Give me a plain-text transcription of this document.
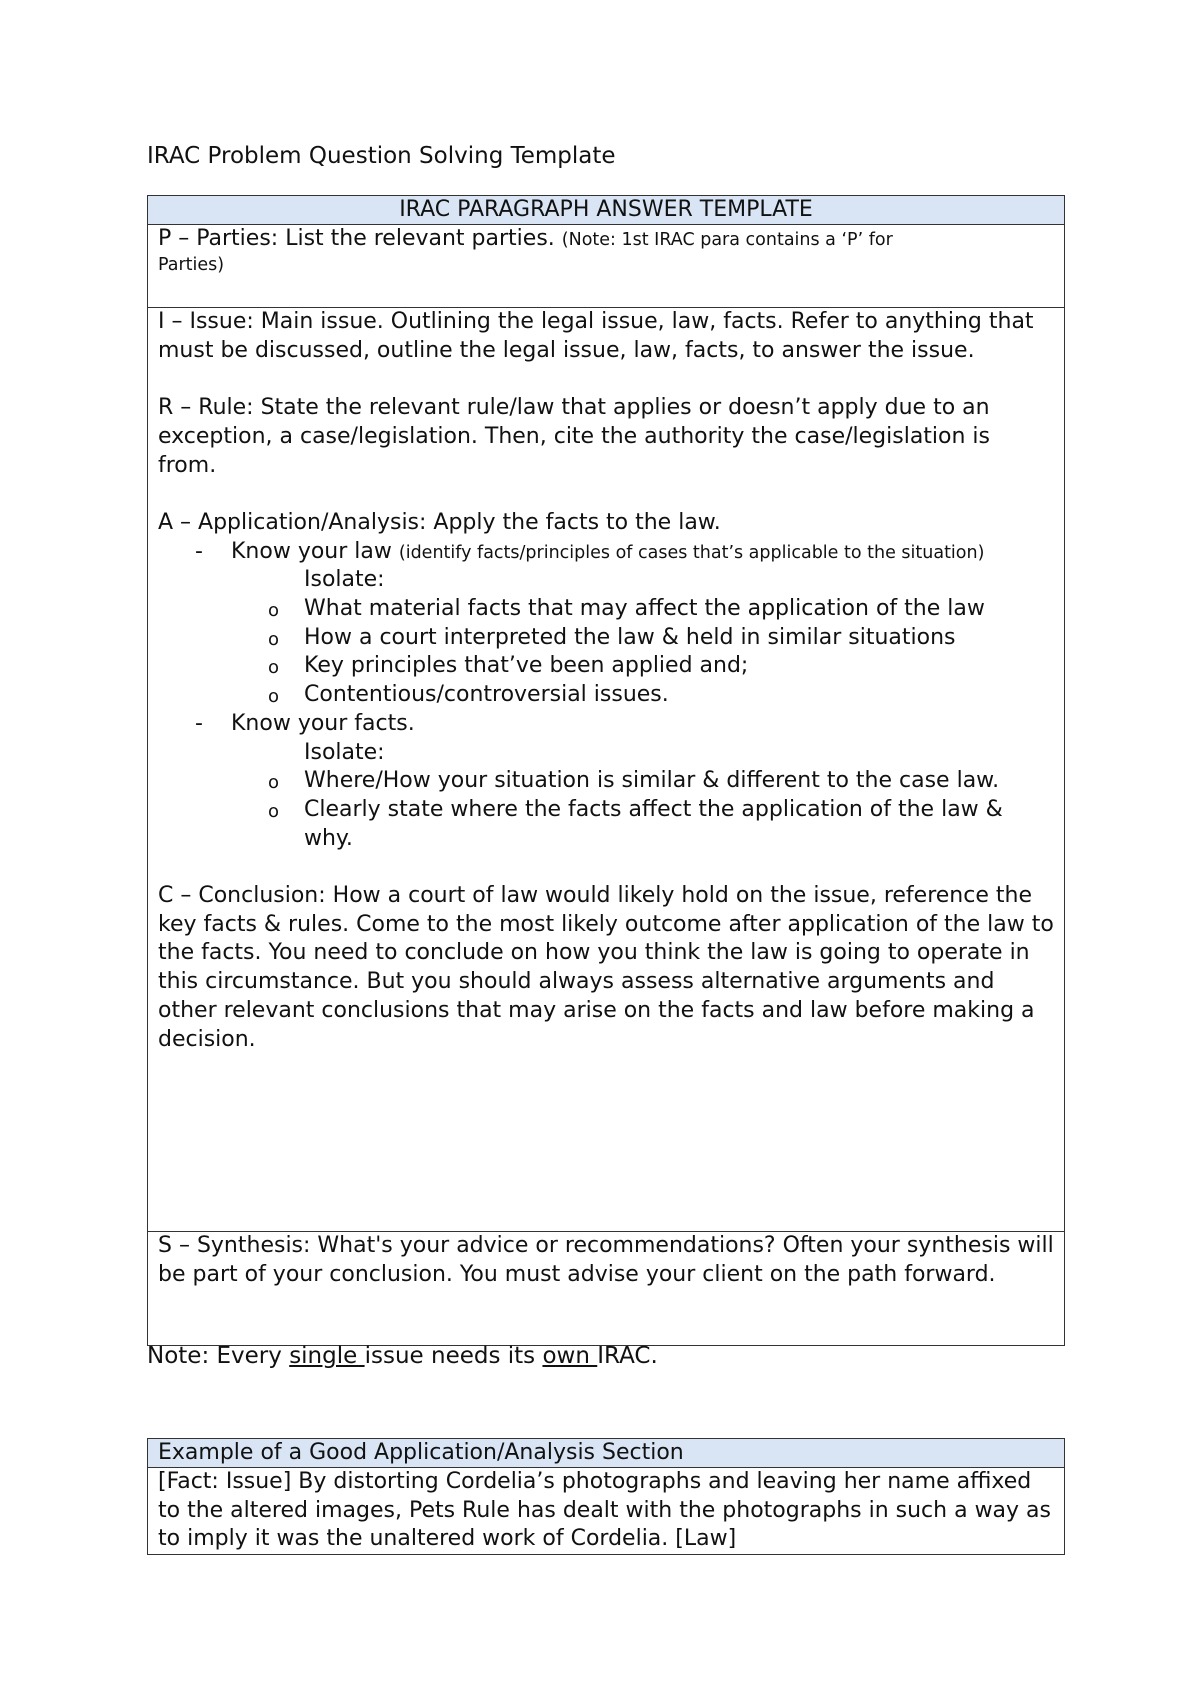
IRAC Problem Question Solving Template
IRAC PARAGRAPH ANSWER TEMPLATE

P – Parties: List the relevant parties. (Note: 1st IRAC para contains a ‘P’ for
Parties)

I – Issue: Main issue. Outlining the legal issue, law, facts. Refer to anything that must be discussed, outline the legal issue, law, facts, to answer the issue.

R – Rule: State the relevant rule/law that applies or doesn’t apply due to an exception, a case/legislation. Then, cite the authority the case/legislation is from.

A – Application/Analysis: Apply the facts to the law.

- Know your law (identify facts/principles of cases that’s applicable to the situation)
Isolate:
o What material facts that may affect the application of the law
o How a court interpreted the law & held in similar situations
o Key principles that’ve been applied and;
o Contentious/controversial issues.
- Know your facts.
Isolate:
o Where/How your situation is similar & different to the case law.
o Clearly state where the facts affect the application of the law & why.

C – Conclusion: How a court of law would likely hold on the issue, reference the key facts & rules. Come to the most likely outcome after application of the law to the facts. You need to conclude on how you think the law is going to operate in this circumstance. But you should always assess alternative arguments and other relevant conclusions that may arise on the facts and law before making a decision.

S – Synthesis: What's your advice or recommendations? Often your synthesis will be part of your conclusion. You must advise your client on the path forward.

Note: Every single issue needs its own IRAC.
Example of a Good Application/Analysis Section
[Fact: Issue] By distorting Cordelia’s photographs and leaving her name affixed to the altered images, Pets Rule has dealt with the photographs in such a way as to imply it was the unaltered work of Cordelia. [Law]
